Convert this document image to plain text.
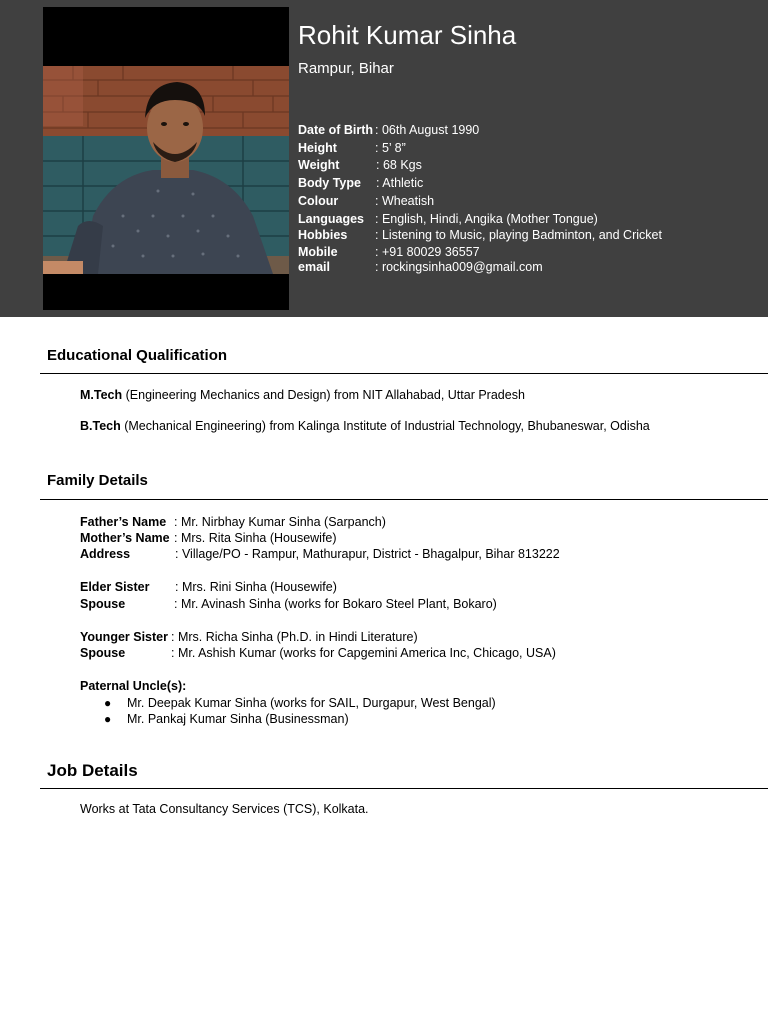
Rohit Kumar Sinha
Rampur, Bihar
Date of Birth : 06th August 1990
Height	: 5’ 8”
Weight	: 68 Kgs
Body Type : Athletic
Colour	: Wheatish
Languages : English, Hindi, Angika (Mother Tongue)
Hobbies : Listening to Music, playing Badminton, and Cricket
Mobile	: +91 80029 36557
email	: rockingsinha009@gmail.com
Educational Qualification
M.Tech (Engineering Mechanics and Design) from NIT Allahabad, Uttar Pradesh
B.Tech (Mechanical Engineering) from Kalinga Institute of Industrial Technology, Bhubaneswar, Odisha
Family Details
Father’s Name : Mr. Nirbhay Kumar Sinha (Sarpanch)
Mother’s Name : Mrs. Rita Sinha (Housewife)
Address	: Village/PO - Rampur, Mathurapur, District - Bhagalpur, Bihar 813222
Elder Sister : Mrs. Rini Sinha (Housewife)
Spouse	: Mr. Avinash Sinha (works for Bokaro Steel Plant, Bokaro)
Younger Sister : Mrs. Richa Sinha (Ph.D. in Hindi Literature)
Spouse	: Mr. Ashish Kumar (works for Capgemini America Inc, Chicago, USA)
Paternal Uncle(s):
● Mr. Deepak Kumar Sinha (works for SAIL, Durgapur, West Bengal)
● Mr. Pankaj Kumar Sinha (Businessman)
Job Details
Works at Tata Consultancy Services (TCS), Kolkata.
